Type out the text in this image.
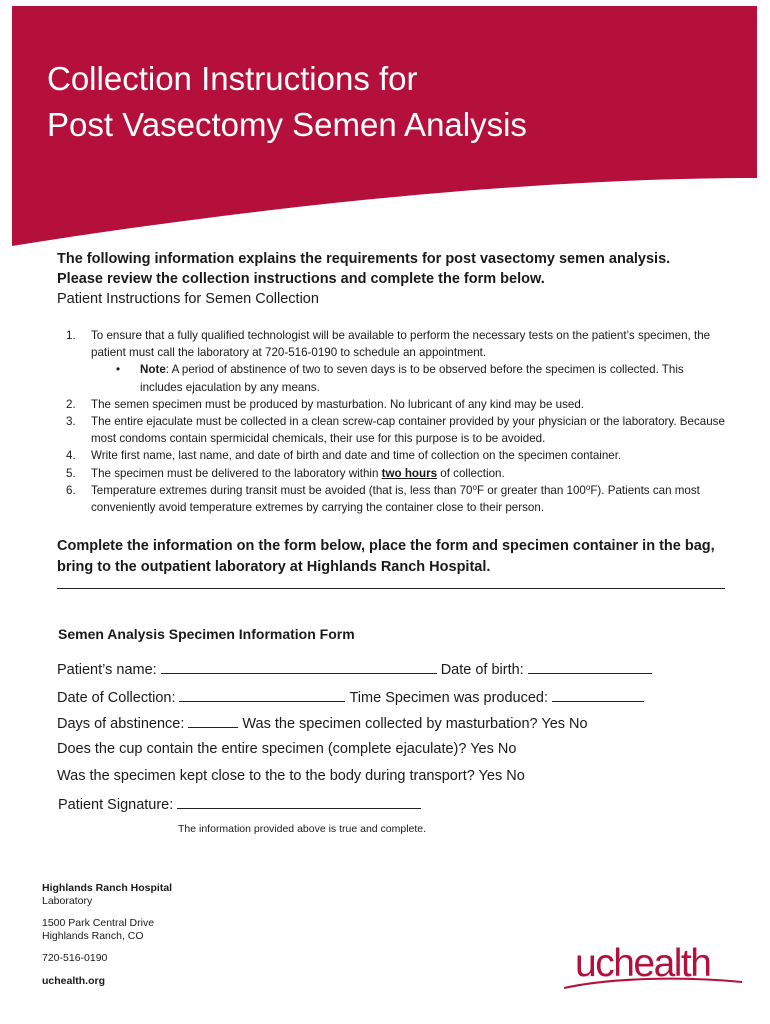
Collection Instructions for
Post Vasectomy Semen Analysis
The following information explains the requirements for post vasectomy semen analysis.
Please review the collection instructions and complete the form below.
Patient Instructions for Semen Collection
1. To ensure that a fully qualified technologist will be available to perform the necessary tests on the patient’s specimen, the patient must call the laboratory at 720-516-0190 to schedule an appointment.
• Note: A period of abstinence of two to seven days is to be observed before the specimen is collected. This includes ejaculation by any means.
2. The semen specimen must be produced by masturbation. No lubricant of any kind may be used.
3. The entire ejaculate must be collected in a clean screw-cap container provided by your physician or the laboratory. Because most condoms contain spermicidal chemicals, their use for this purpose is to be avoided.
4. Write first name, last name, and date of birth and date and time of collection on the specimen container.
5. The specimen must be delivered to the laboratory within two hours of collection.
6. Temperature extremes during transit must be avoided (that is, less than 70$^o$F or greater than 100$^o$F). Patients can most conveniently avoid temperature extremes by carrying the container close to their person.
Complete the information on the form below, place the form and specimen container in the bag, bring to the outpatient laboratory at Highlands Ranch Hospital.
Semen Analysis Specimen Information Form
Patient’s name:	Date of birth:
Date of Collection:	Time Specimen was produced:
Days of abstinence:	Was the specimen collected by masturbation? Yes No
Does the cup contain the entire specimen (complete ejaculate)? Yes No
Was the specimen kept close to the to the body during transport? Yes No
Patient Signature:
The information provided above is true and complete.
Highlands Ranch Hospital
Laboratory
1500 Park Central Drive
Highlands Ranch, CO
720-516-0190
uchealth.org	uchealth
